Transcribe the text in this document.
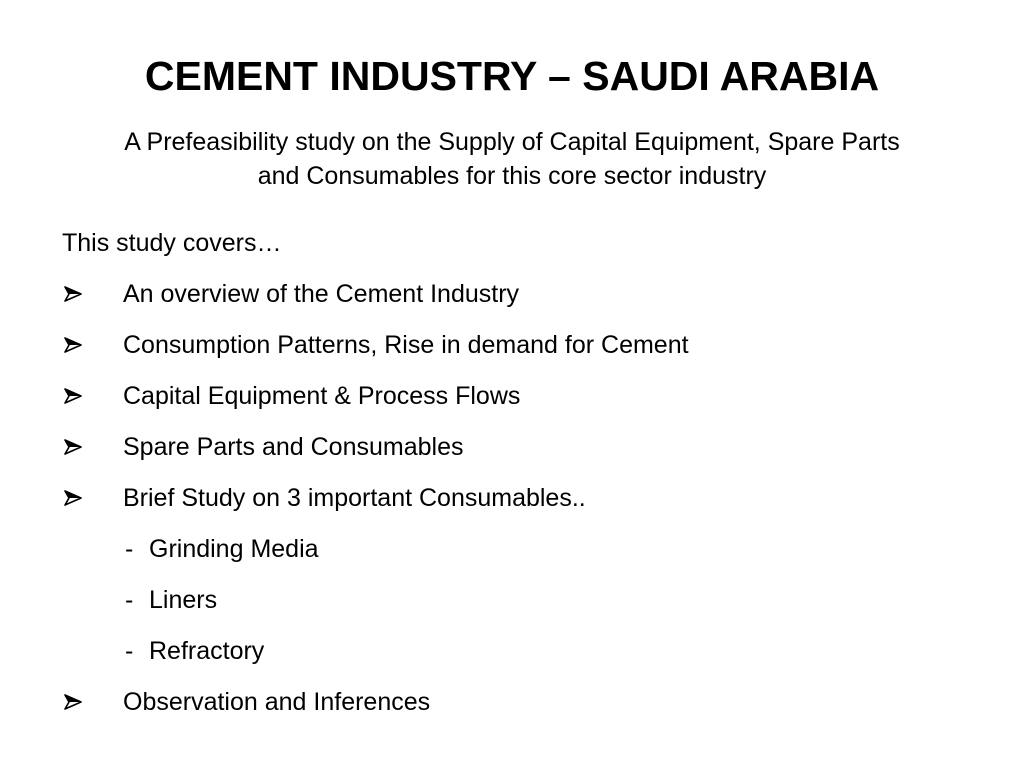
CEMENT INDUSTRY – SAUDI ARABIA
A Prefeasibility study on the Supply of Capital Equipment, Spare Parts
and Consumables for this core sector industry
This study covers…
An overview of the Cement Industry
Consumption Patterns, Rise in demand for Cement
Capital Equipment & Process Flows
Spare Parts and Consumables
Brief Study on 3 important Consumables..
- Grinding Media
- Liners
- Refractory
Observation and Inferences
